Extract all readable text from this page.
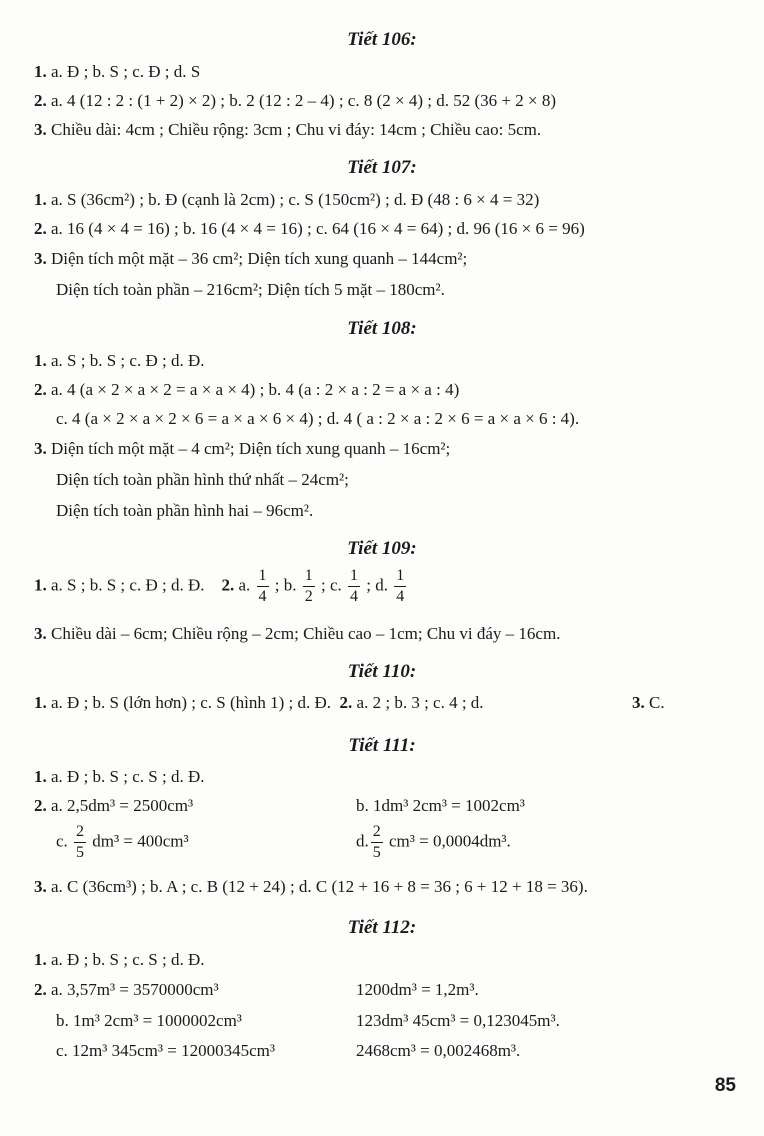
Tiết 106:
1. a. Đ ; b. S ; c. Đ ; d. S
2. a. 4 (12 : 2 : (1 + 2) × 2) ; b. 2 (12 : 2 – 4) ; c. 8 (2 × 4) ; d. 52 (36 + 2 × 8)
3. Chiều dài: 4cm ; Chiều rộng: 3cm ; Chu vi đáy: 14cm ; Chiều cao: 5cm.
Tiết 107:
1. a. S (36cm²) ; b. Đ (cạnh là 2cm) ; c. S (150cm²) ; d. Đ (48 : 6 × 4 = 32)
2. a. 16 (4 × 4 = 16) ; b. 16 (4 × 4 = 16) ; c. 64 (16 × 4 = 64) ; d. 96 (16 × 6 = 96)
3. Diện tích một mặt – 36 cm²; Diện tích xung quanh – 144cm²;
Diện tích toàn phần – 216cm²; Diện tích 5 mặt – 180cm².
Tiết 108:
1. a. S ; b. S ; c. Đ ; d. Đ.
2. a. 4 (a × 2 × a × 2 = a × a × 4) ; b. 4 (a : 2 × a : 2 = a × a : 4)
c. 4 (a × 2 × a × 2 × 6 = a × a × 6 × 4) ; d. 4 ( a : 2 × a : 2 × 6 = a × a × 6 : 4).
3. Diện tích một mặt – 4 cm²; Diện tích xung quanh – 16cm²;
Diện tích toàn phần hình thứ nhất – 24cm²;
Diện tích toàn phần hình hai – 96cm².
Tiết 109:
1. a. S ; b. S ; c. Đ ; d. Đ. 2. a. $\frac{1}{4}$ ; b. $\frac{1}{2}$ ; c. $\frac{1}{4}$ ; d. $\frac{1}{4}$
3. Chiều dài – 6cm; Chiều rộng – 2cm; Chiều cao – 1cm; Chu vi đáy – 16cm.
Tiết 110:
1. a. Đ ; b. S (lớn hơn) ; c. S (hình 1) ; d. Đ. 2. a. 2 ; b. 3 ; c. 4 ; d.	3. C.
Tiết 111:
1. a. Đ ; b. S ; c. S ; d. Đ.
2. a. 2,5dm³ = 2500cm³	b. 1dm³ 2cm³ = 1002cm³
c. $\frac{2}{5} dm^3 = 400cm^3$	d. $\frac{2}{5} cm^3 = 0,0004dm^3$.
3. a. C (36cm³) ; b. A ; c. B (12 + 24) ; d. C (12 + 16 + 8 = 36 ; 6 + 12 + 18 = 36).
Tiết 112:
1. a. Đ ; b. S ; c. S ; d. Đ.
2. a. 3,57m³ = 3570000cm³	1200dm³ = 1,2m³.
b. 1m³ 2cm³ = 1000002cm³	123dm³ 45cm³ = 0,123045m³.
c. 12m³ 345cm³ = 12000345cm³	2468cm³ = 0,002468m³.
85
